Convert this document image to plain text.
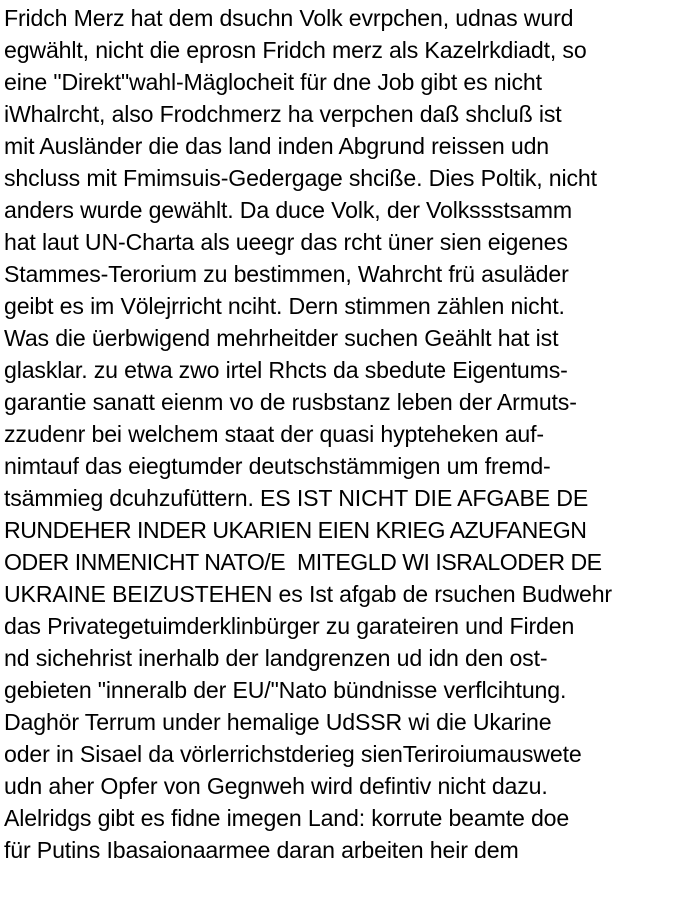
Fridch Merz hat dem dsuchn Volk evrpchen, udnas wurd
egwählt, nicht die eprosn Fridch merz als Kazelrkdiadt, so
eine "Direkt"wahl-Mäglocheit für dne Job gibt es nicht
iWhalrcht, also Frodchmerz ha verpchen daß shcluß ist
mit Ausländer die das land inden Abgrund reissen udn
shcluss mit Fmimsuis-Gedergage shciße. Dies Poltik, nicht
anders wurde gewählt. Da duce Volk, der Volkssstsamm
hat laut UN-Charta als ueegr das rcht üner sien eigenes
Stammes-Terorium zu bestimmen, Wahrcht frü asuläder
geibt es im Völejrricht nciht. Dern stimmen zählen nicht.
Was die üerbwigend mehrheitder suchen Geählt hat ist
glasklar. zu etwa zwo irtel Rhcts da sbedute Eigentums-
garantie sanatt eienm vo de rusbstanz leben der Armuts-
zzudenr bei welchem staat der quasi hypteheken auf-
nimtauf das eiegtumder deutschstämmigen um fremd-
tsämmieg dcuhzufüttern. ES IST NICHT DIE AFGABE DE
RUNDEHER INDER UKARIEN EIEN KRIEG AZUFANEGN
ODER INMENICHT NATO/E  MITEGLD WI ISRALODER DE
UKRAINE BEIZUSTEHEN es Ist afgab de rsuchen Budwehr
das Privategetuimderklinbürger zu garateiren und Firden
nd sichehrist inerhalb der landgrenzen ud idn den ost-
gebieten "inneralb der EU/"Nato bündnisse verflcihtung.
Daghör Terrum under hemalige UdSSR wi die Ukarine
oder in Sisael da vörlerrichstderieg sienTeriroiumauswete
udn aher Opfer von Gegnweh wird defintiv nicht dazu.
Alelridgs gibt es fidne imegen Land: korrute beamte doe
für Putins Ibasaionaarmee daran arbeiten heir dem
